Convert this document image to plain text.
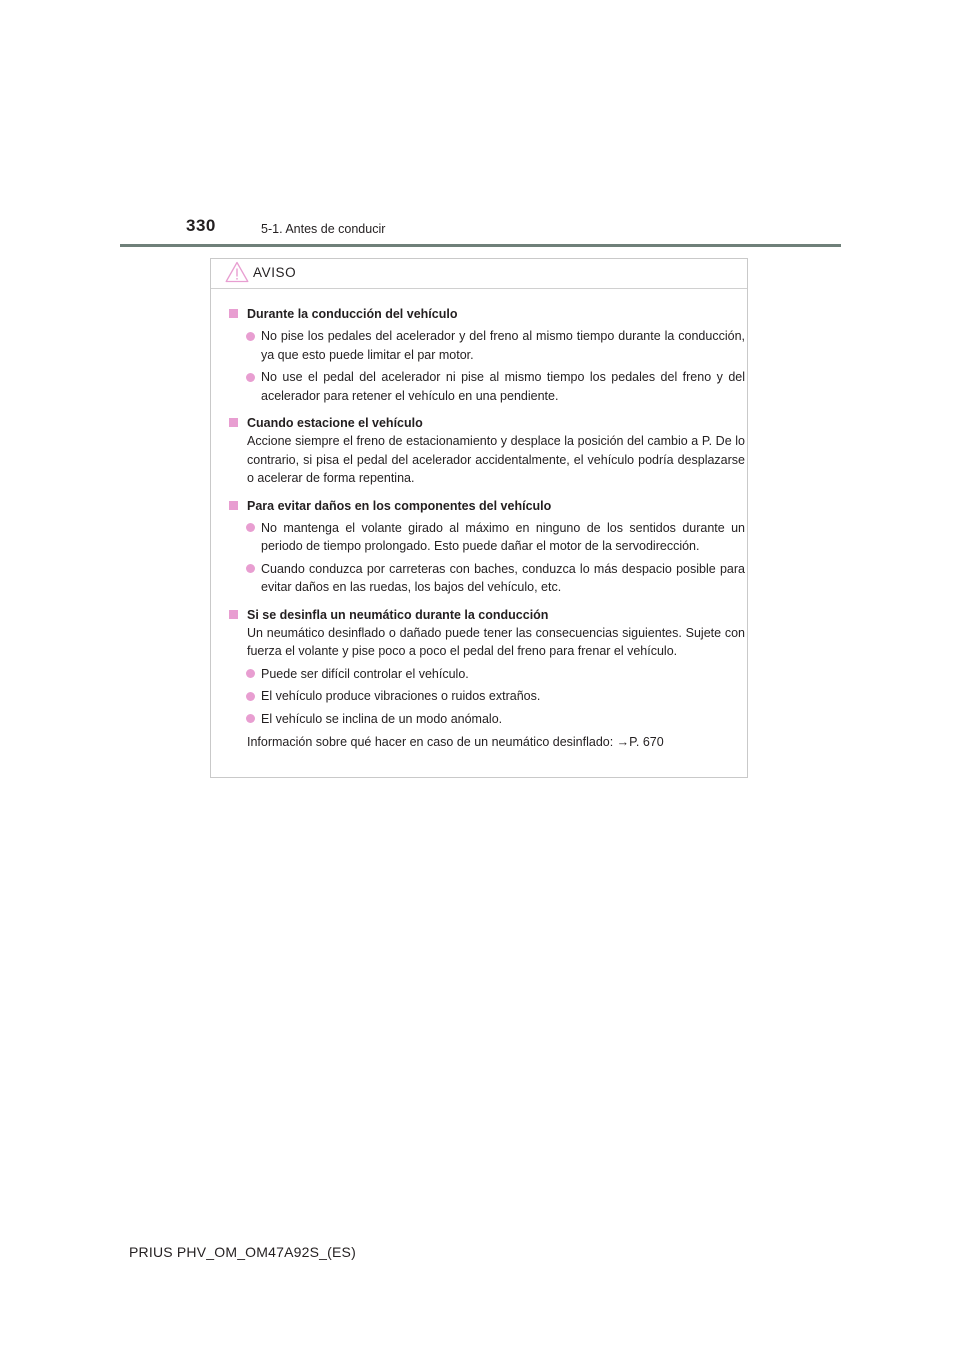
330	5-1. Antes de conducir
AVISO
Durante la conducción del vehículo
No pise los pedales del acelerador y del freno al mismo tiempo durante la conducción, ya que esto puede limitar el par motor.
No use el pedal del acelerador ni pise al mismo tiempo los pedales del freno y del acelerador para retener el vehículo en una pendiente.
Cuando estacione el vehículo
Accione siempre el freno de estacionamiento y desplace la posición del cambio a P. De lo contrario, si pisa el pedal del acelerador accidentalmente, el vehículo podría desplazarse o acelerar de forma repentina.
Para evitar daños en los componentes del vehículo
No mantenga el volante girado al máximo en ninguno de los sentidos durante un periodo de tiempo prolongado. Esto puede dañar el motor de la servodirección.
Cuando conduzca por carreteras con baches, conduzca lo más despacio posible para evitar daños en las ruedas, los bajos del vehículo, etc.
Si se desinfla un neumático durante la conducción
Un neumático desinflado o dañado puede tener las consecuencias siguientes. Sujete con fuerza el volante y pise poco a poco el pedal del freno para frenar el vehículo.
Puede ser difícil controlar el vehículo.
El vehículo produce vibraciones o ruidos extraños.
El vehículo se inclina de un modo anómalo.
Información sobre qué hacer en caso de un neumático desinflado: →P. 670
PRIUS PHV_OM_OM47A92S_(ES)
